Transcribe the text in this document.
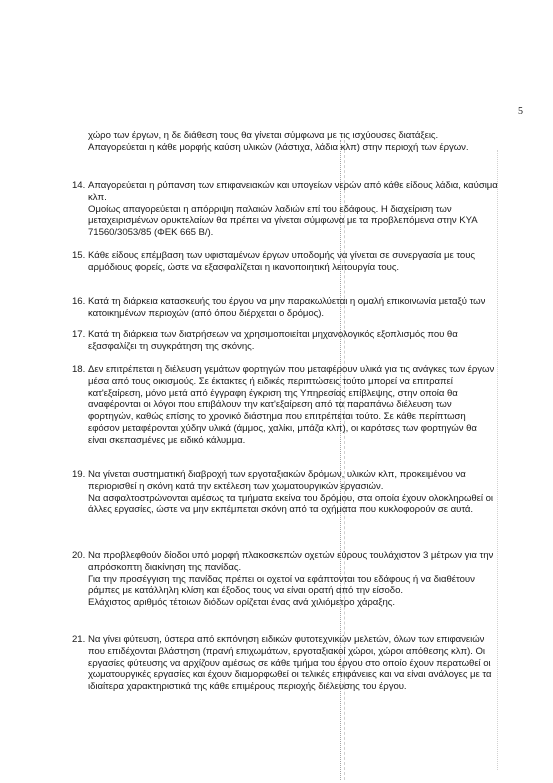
5
χώρο των έργων, η δε διάθεση τους θα γίνεται σύμφωνα με τις ισχύουσες διατάξεις. Απαγορεύεται η κάθε μορφής καύση υλικών (λάστιχα, λάδια κλπ) στην περιοχή των έργων.
14. Απαγορεύεται η ρύπανση των επιφανειακών και υπογείων νερών από κάθε είδους λάδια, καύσιμα κλπ.
Ομοίως απαγορεύεται η απόρριψη παλαιών λαδιών επί του εδάφους. Η διαχείριση των μεταχειρισμένων ορυκτελαίων θα πρέπει να γίνεται σύμφωνα με τα προβλεπόμενα στην ΚΥΑ 71560/3053/85 (ΦΕΚ 665 Β/).
15. Κάθε είδους επέμβαση των υφισταμένων έργων υποδομής να γίνεται σε συνεργασία με τους αρμόδιους φορείς, ώστε να εξασφαλίζεται η ικανοποιητική λειτουργία τους.
16. Κατά τη διάρκεια κατασκευής του έργου να μην παρακωλύεται η ομαλή επικοινωνία μεταξύ των κατοικημένων περιοχών (από όπου διέρχεται ο δρόμος).
17. Κατά τη διάρκεια των διατρήσεων να χρησιμοποιείται μηχανολογικός εξοπλισμός που θα εξασφαλίζει τη συγκράτηση της σκόνης.
18. Δεν επιτρέπεται η διέλευση γεμάτων φορτηγών που μεταφέρουν υλικά για τις ανάγκες των έργων μέσα από τους οικισμούς. Σε έκτακτες ή ειδικές περιπτώσεις τούτο μπορεί να επιτραπεί κατ'εξαίρεση, μόνο μετά από έγγραφη έγκριση της Υπηρεσίας επίβλεψης, στην οποία θα αναφέρονται οι λόγοι που επιβάλουν την κατ'εξαίρεση από τα παραπάνω διέλευση των φορτηγών, καθώς επίσης το χρονικό διάστημα που επιτρέπεται τούτο. Σε κάθε περίπτωση εφόσον μεταφέρονται χύδην υλικά (άμμος, χαλίκι, μπάζα κλπ), οι καρότσες των φορτηγών θα είναι σκεπασμένες με ειδικό κάλυμμα.
19. Να γίνεται συστηματική διαβροχή των εργοταξιακών δρόμων, υλικών κλπ, προκειμένου να περιορισθεί η σκόνη κατά την εκτέλεση των χωματουργικών εργασιών.
Να ασφαλτοστρώνονται αμέσως τα τμήματα εκείνα του δρόμου, στα οποία έχουν ολοκληρωθεί οι άλλες εργασίες, ώστε να μην εκπέμπεται σκόνη από τα οχήματα που κυκλοφορούν σε αυτά.
20. Να προβλεφθούν δίοδοι υπό μορφή πλακοσκεπών οχετών εύρους τουλάχιστον 3 μέτρων για την απρόσκοπτη διακίνηση της πανίδας.
Για την προσέγγιση της πανίδας πρέπει οι οχετοί να εφάπτονται του εδάφους ή να διαθέτουν ράμπες με κατάλληλη κλίση και έξοδος τους να είναι ορατή από την είσοδο.
Ελάχιστος αριθμός τέτοιων διόδων ορίζεται ένας ανά χιλιόμετρο χάραξης.
21. Να γίνει φύτευση, ύστερα από εκπόνηση ειδικών φυτοτεχνικών μελετών, όλων των επιφανειών που επιδέχονται βλάστηση (πρανή επιχωμάτων, εργοταξιακοί χώροι, χώροι απόθεσης κλπ). Οι εργασίες φύτευσης να αρχίζουν αμέσως σε κάθε τμήμα του έργου στο οποίο έχουν περατωθεί οι χωματουργικές εργασίες και έχουν διαμορφωθεί οι τελικές επιφάνειες και να είναι ανάλογες με τα ιδιαίτερα χαρακτηριστικά της κάθε επιμέρους περιοχής διέλευσης του έργου.
